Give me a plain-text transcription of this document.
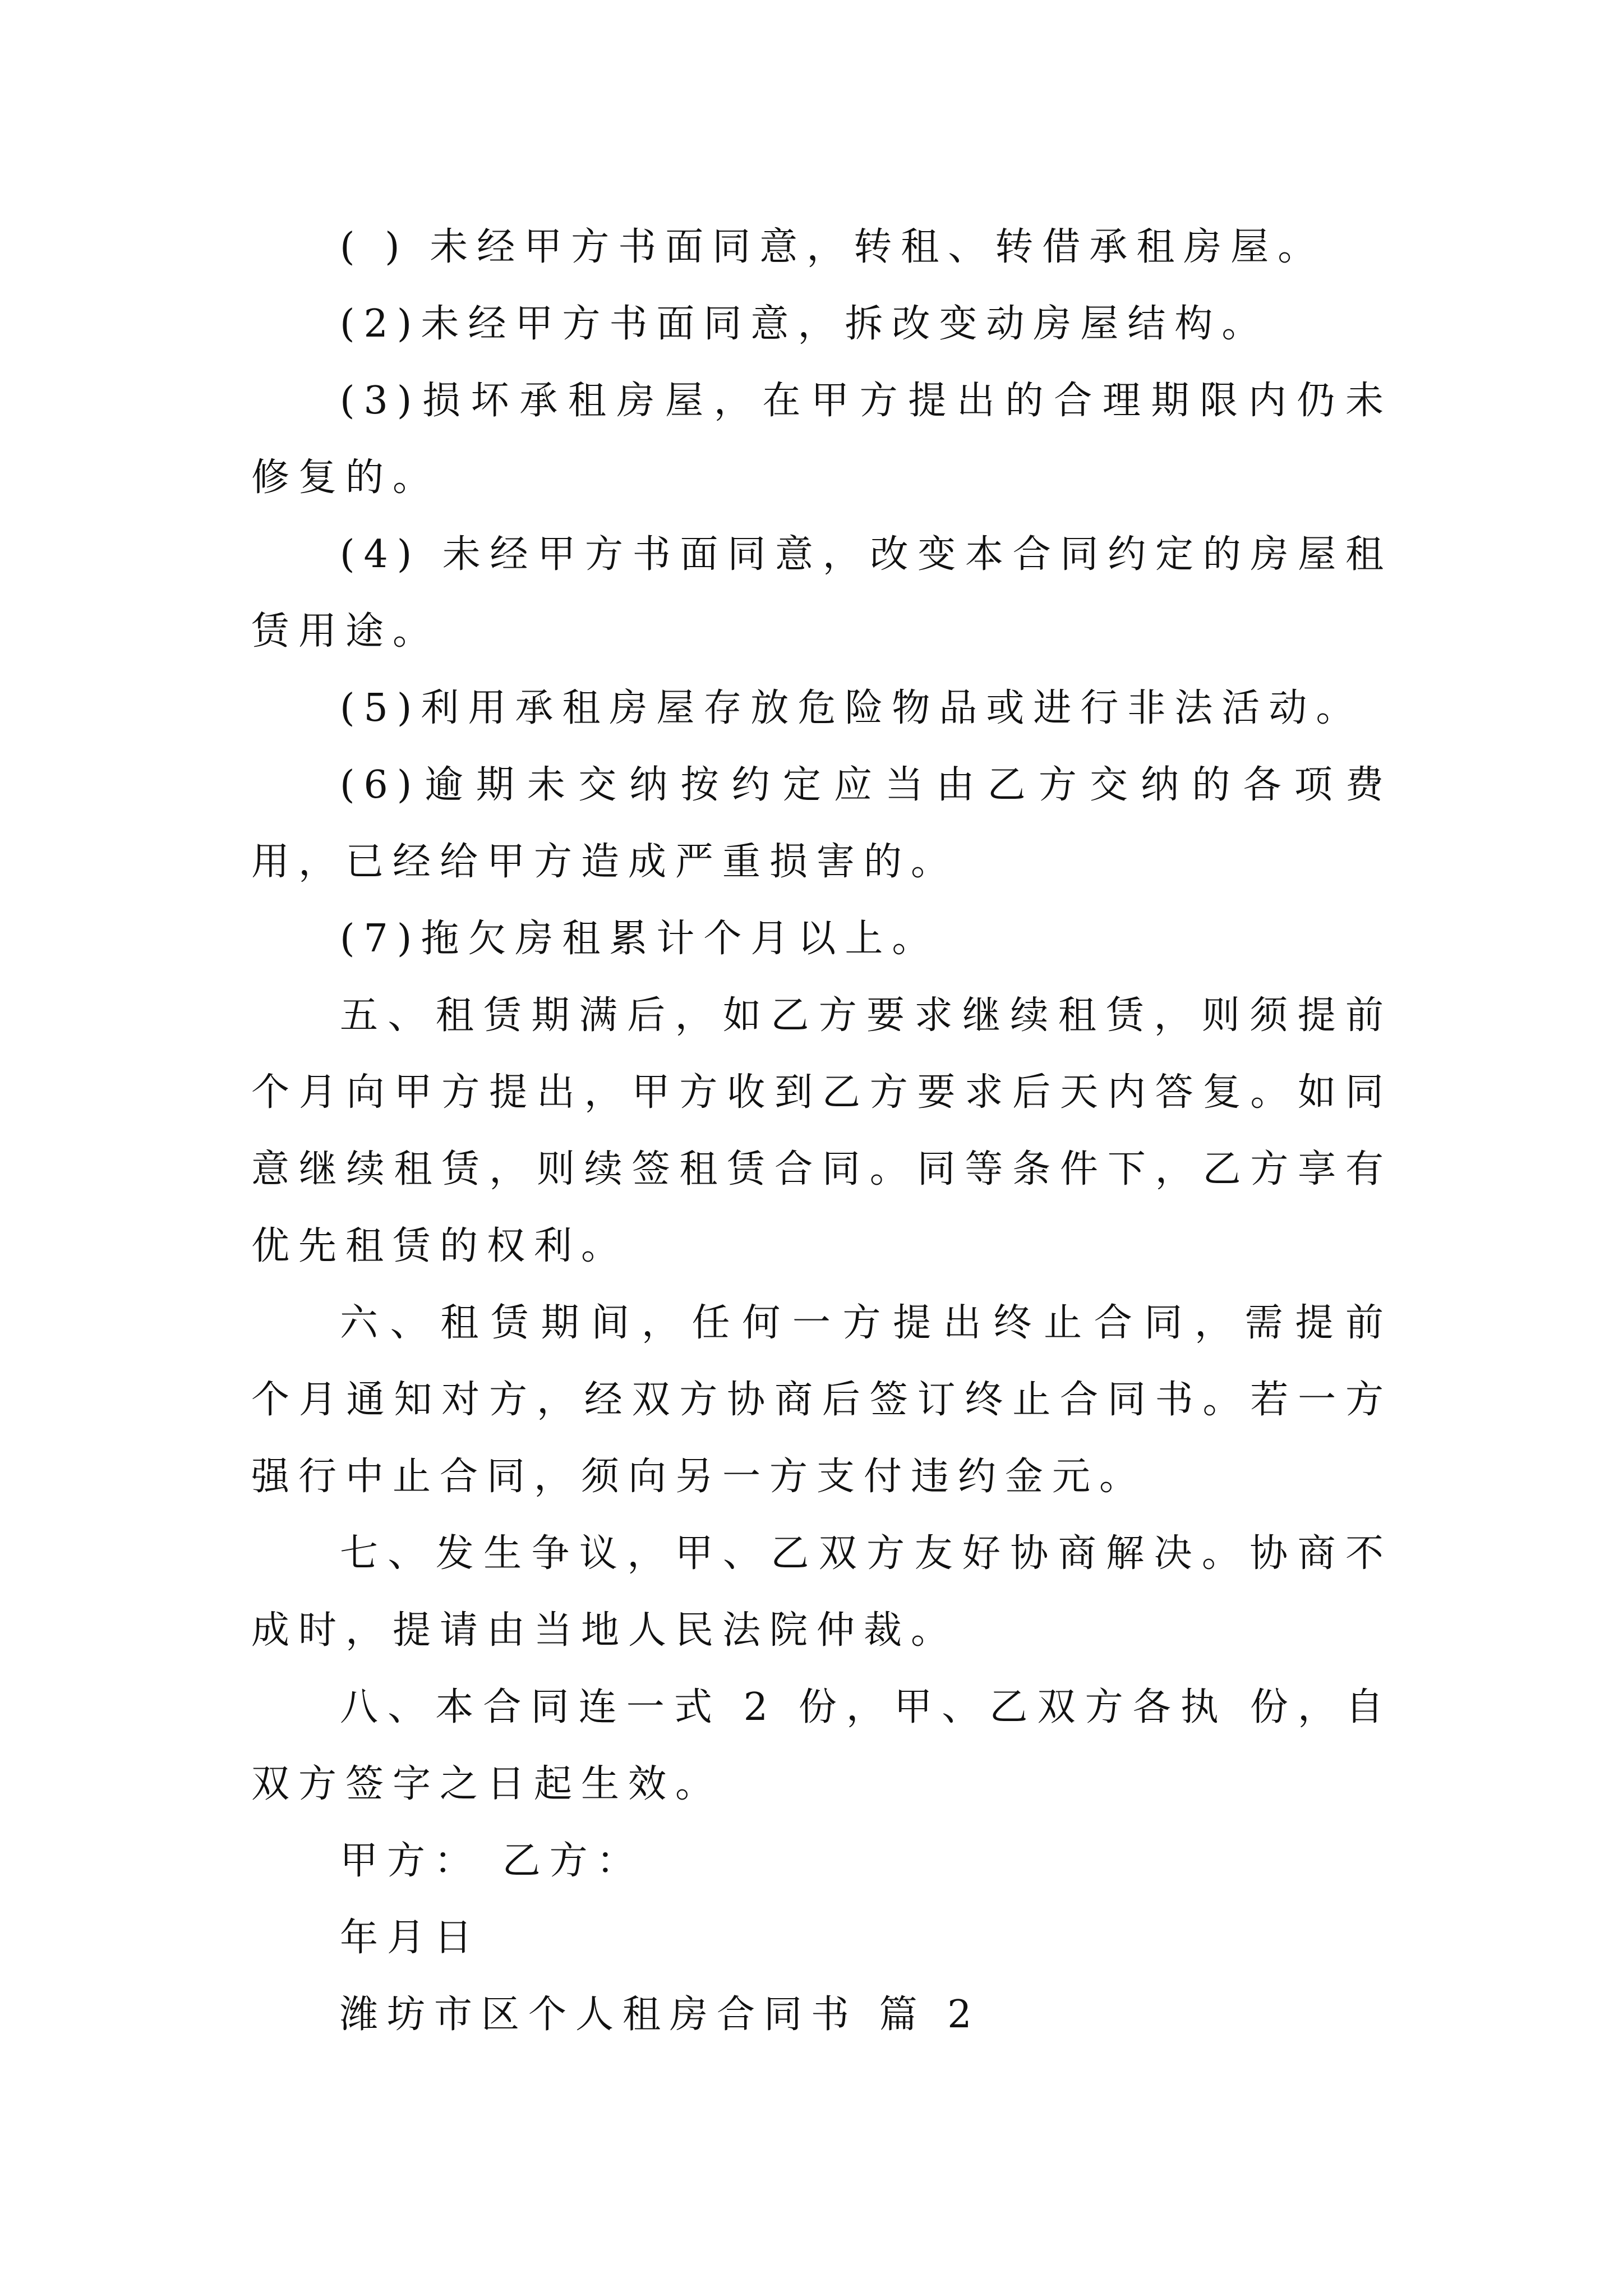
( ) 未经甲方书面同意，转租、转借承租房屋。

(2)未经甲方书面同意，拆改变动房屋结构。

(3)损坏承租房屋，在甲方提出的合理期限内仍未修复的。

(4) 未经甲方书面同意，改变本合同约定的房屋租赁用途。

(5)利用承租房屋存放危险物品或进行非法活动。

(6)逾期未交纳按约定应当由乙方交纳的各项费用，已经给甲方造成严重损害的。

(7)拖欠房租累计个月以上。

五、租赁期满后，如乙方要求继续租赁，则须提前 个月向甲方提出，甲方收到乙方要求后天内答复。如同意继续租赁，则续签租赁合同。同等条件下，乙方享有优先租赁的权利。

六、租赁期间，任何一方提出终止合同，需提前 个月通知对方，经双方协商后签订终止合同书。若一方强行中止合同，须向另一方支付违约金元。

七、发生争议，甲、乙双方友好协商解决。协商不成时，提请由当地人民法院仲裁。

八、本合同连一式 2 份，甲、乙双方各执 份，自双方签字之日起生效。

甲方： 乙方：

年月日

潍坊市区个人租房合同书 篇 2
